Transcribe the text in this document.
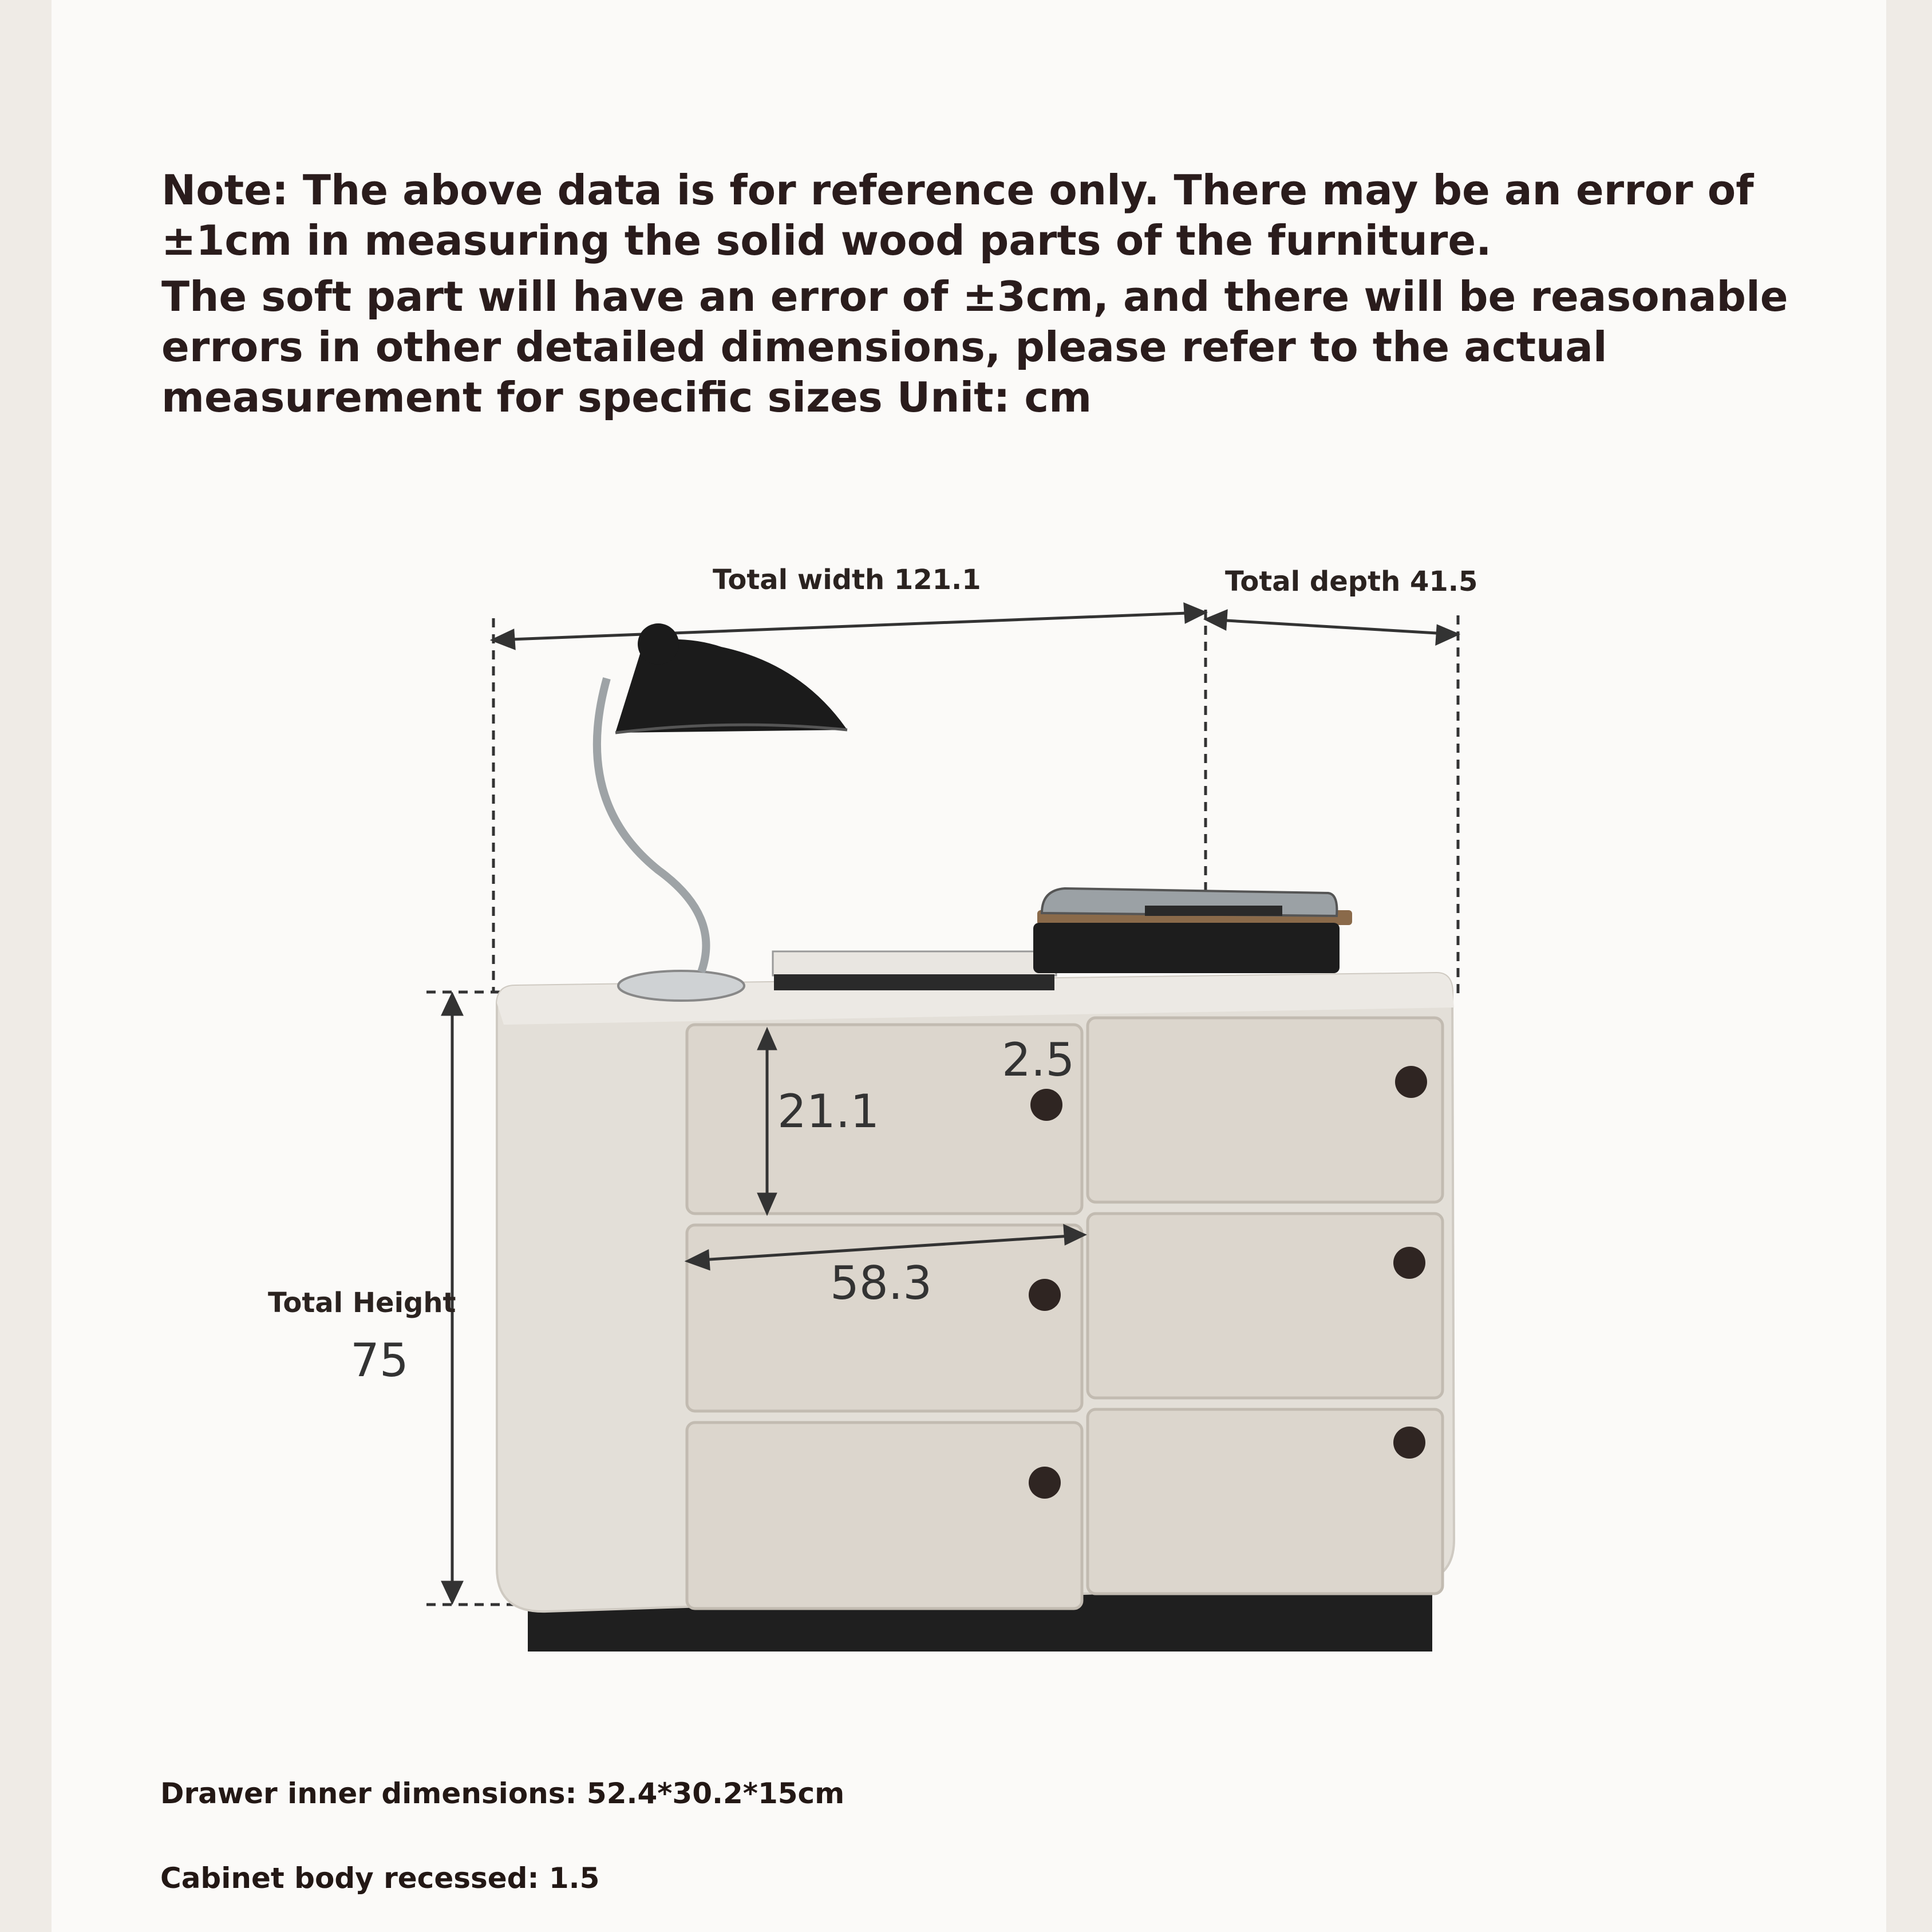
Note: The above data is for reference only. There may be an error of ±1cm in measuring the solid wood parts of the furniture.

The soft part will have an error of ±3cm, and there will be reasonable errors in other detailed dimensions, please refer to the actual measurement for specific sizes Unit: cm

Total width 121.1	Total depth 41.5
Total Height
75
21.1
2.5
58.3
Drawer inner dimensions: 52.4*30.2*15cm
Cabinet body recessed: 1.5
